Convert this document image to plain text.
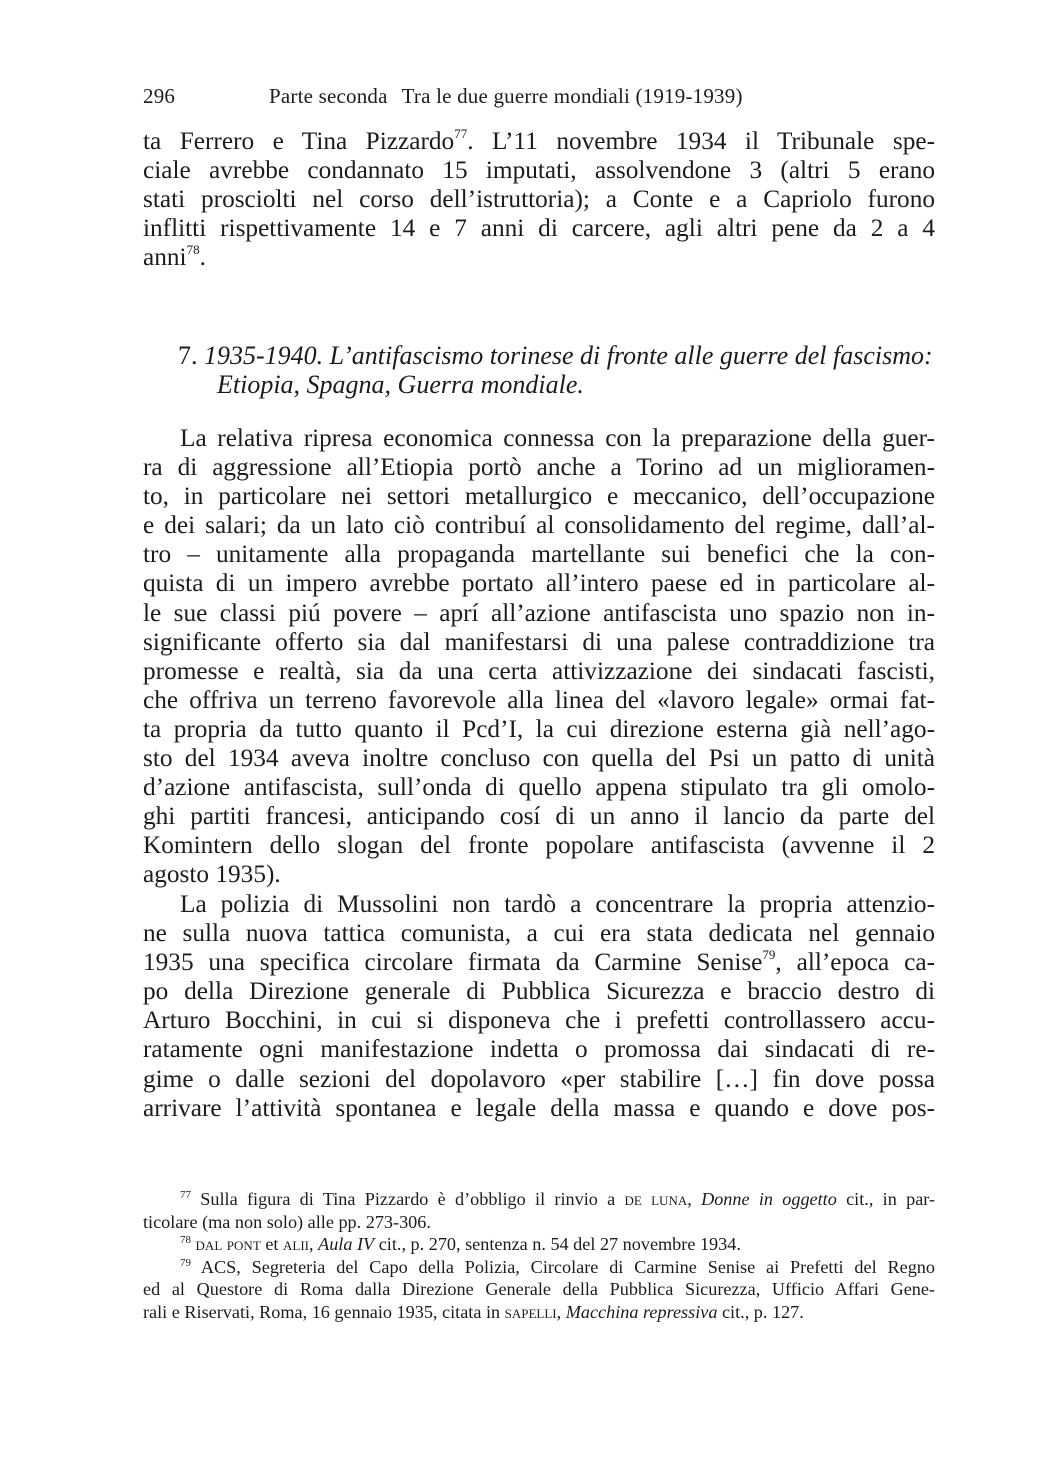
296	Parte seconda Tra le due guerre mondiali (1919-1939)
ta Ferrero e Tina Pizzardo$^{77}$. L’11 novembre 1934 il Tribunale spe-
ciale avrebbe condannato 15 imputati, assolvendone 3 (altri 5 erano
stati prosciolti nel corso dell’istruttoria); a Conte e a Capriolo furono
inflitti rispettivamente 14 e 7 anni di carcere, agli altri pene da 2 a 4
anni$^{78}$.
7. 1935-1940. L’antifascismo torinese di fronte alle guerre del fascismo:
Etiopia, Spagna, Guerra mondiale.
La relativa ripresa economica connessa con la preparazione della guer-
ra di aggressione all’Etiopia portò anche a Torino ad un miglioramen-
to, in particolare nei settori metallurgico e meccanico, dell’occupazione
e dei salari; da un lato ciò contribuí al consolidamento del regime, dall’al-
tro – unitamente alla propaganda martellante sui benefici che la con-
quista di un impero avrebbe portato all’intero paese ed in particolare al-
le sue classi piú povere – aprí all’azione antifascista uno spazio non in-
significante offerto sia dal manifestarsi di una palese contraddizione tra
promesse e realtà, sia da una certa attivizzazione dei sindacati fascisti,
che offriva un terreno favorevole alla linea del «lavoro legale» ormai fat-
ta propria da tutto quanto il Pcd’I, la cui direzione esterna già nell’ago-
sto del 1934 aveva inoltre concluso con quella del Psi un patto di unità
d’azione antifascista, sull’onda di quello appena stipulato tra gli omolo-
ghi partiti francesi, anticipando cosí di un anno il lancio da parte del
Komintern dello slogan del fronte popolare antifascista (avvenne il 2
agosto 1935).
La polizia di Mussolini non tardò a concentrare la propria attenzio-
ne sulla nuova tattica comunista, a cui era stata dedicata nel gennaio
1935 una specifica circolare firmata da Carmine Senise$^{79}$, all’epoca ca-
po della Direzione generale di Pubblica Sicurezza e braccio destro di
Arturo Bocchini, in cui si disponeva che i prefetti controllassero accu-
ratamente ogni manifestazione indetta o promossa dai sindacati di re-
gime o dalle sezioni del dopolavoro «per stabilire […] fin dove possa
arrivare l’attività spontanea e legale della massa e quando e dove pos-
$^{77}$ Sulla figura di Tina Pizzardo è d’obbligo il rinvio a de luna, Donne in oggetto cit., in par-
ticolare (ma non solo) alle pp. 273-306.
$^{78}$ dal pont et alii, Aula IV cit., p. 270, sentenza n. 54 del 27 novembre 1934.
$^{79}$ ACS, Segreteria del Capo della Polizia, Circolare di Carmine Senise ai Prefetti del Regno
ed al Questore di Roma dalla Direzione Generale della Pubblica Sicurezza, Ufficio Affari Gene-
rali e Riservati, Roma, 16 gennaio 1935, citata in sapelli, Macchina repressiva cit., p. 127.
